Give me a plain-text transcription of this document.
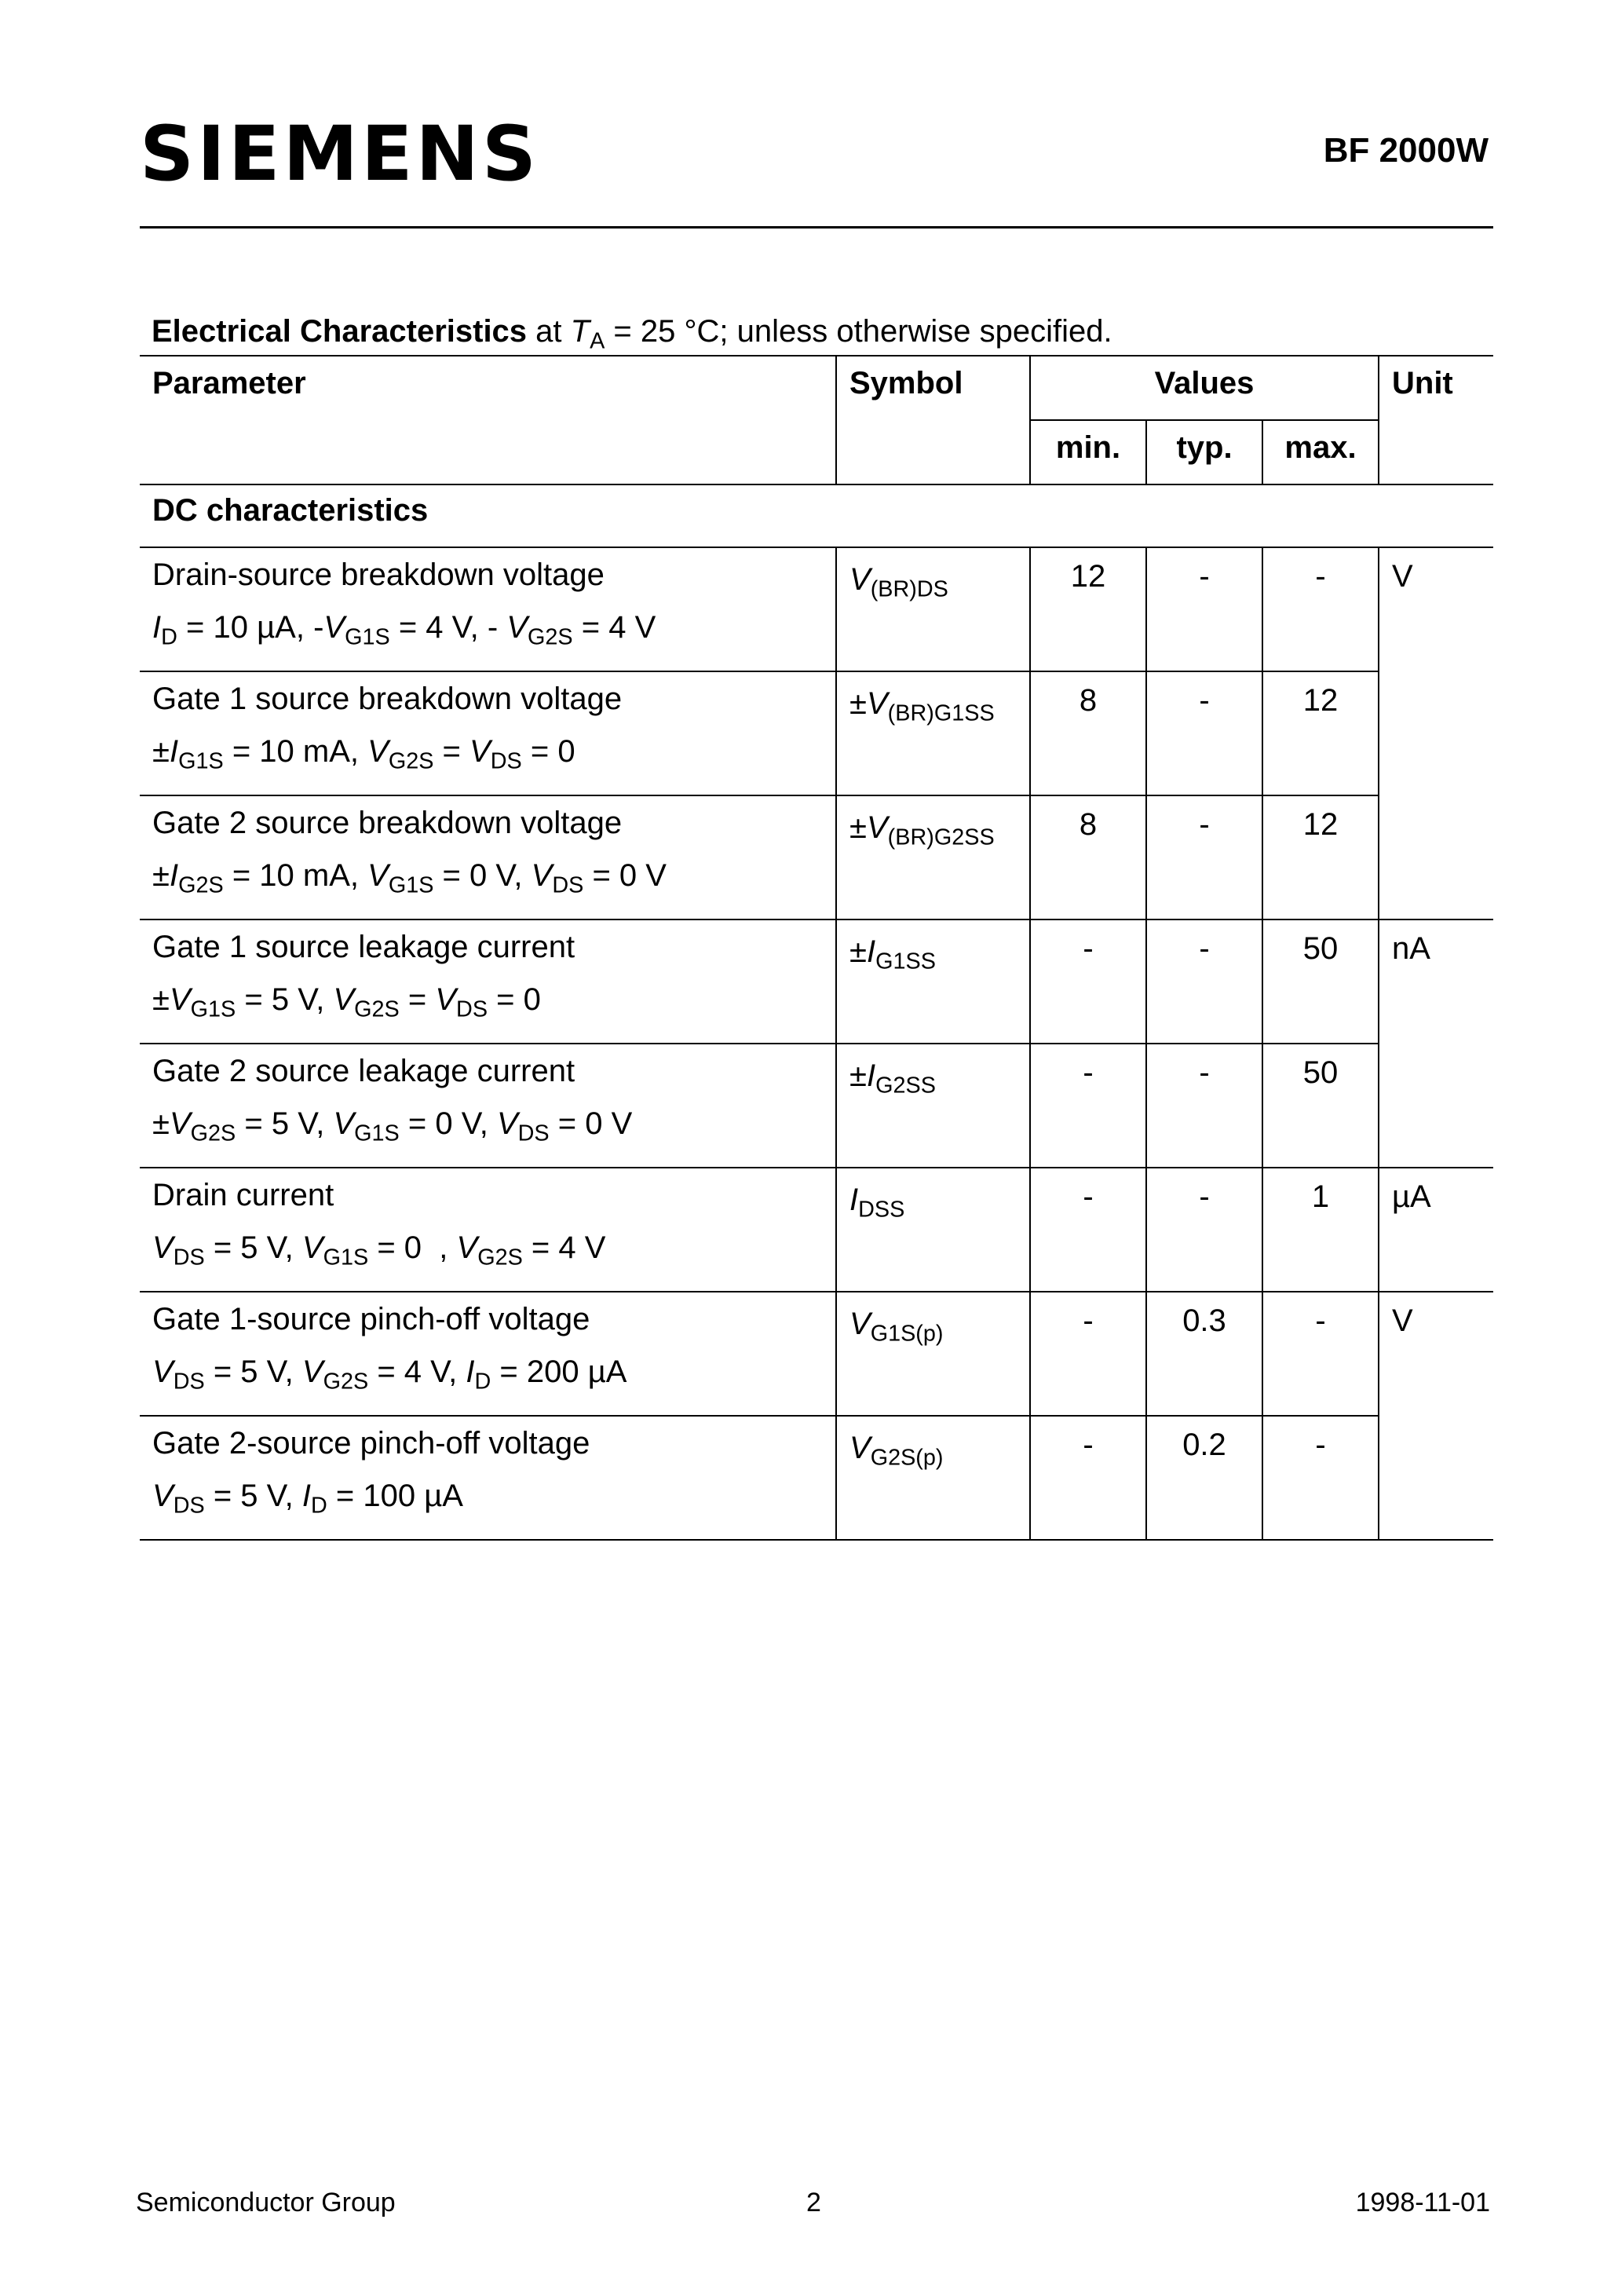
SIEMENS	BF 2000W
Electrical Characteristics at $T_A = 25$ °C; unless otherwise specified.
Parameter	Symbol	Values			Unit
		min.	typ.	max.	
DC characteristics					

Drain-source breakdown voltage
$I_D = 10$ µA, $-V_{G1S} = 4$ V, - $V_{G2S} = 4$ V	$V_{(BR)DS}$	12	-	-	V

Gate 1 source breakdown voltage
$\pm I_{G1S} = 10$ mA, $V_{G2S} = V_{DS} = 0$	$\pm V_{(BR)G1SS}$	8	-	12	

Gate 2 source breakdown voltage
$\pm I_{G2S} = 10$ mA, $V_{G1S} = 0$ V, $V_{DS} = 0$ V	$\pm V_{(BR)G2SS}$	8	-	12	

Gate 1 source leakage current
$\pm V_{G1S} = 5$ V, $V_{G2S} = V_{DS} = 0$	$\pm I_{G1SS}$	-	-	50	nA

Gate 2 source leakage current
$\pm V_{G2S} = 5$ V, $V_{G1S} = 0$ V, $V_{DS} = 0$ V	$\pm I_{G2SS}$	-	-	50	

Drain current
$V_{DS} = 5$ V, $V_{G1S} = 0$  , $V_{G2S} = 4$ V	$I_{DSS}$	-	-	1	µA

Gate 1-source pinch-off voltage
$V_{DS} = 5$ V, $V_{G2S} = 4$ V, $I_D = 200$ µA	$V_{G1S(p)}$	-	0.3	-	V

Gate 2-source pinch-off voltage
$V_{DS} = 5$ V, $I_D = 100$ µA	$V_{G2S(p)}$	-	0.2	-	
Semiconductor Group	2	1998-11-01
